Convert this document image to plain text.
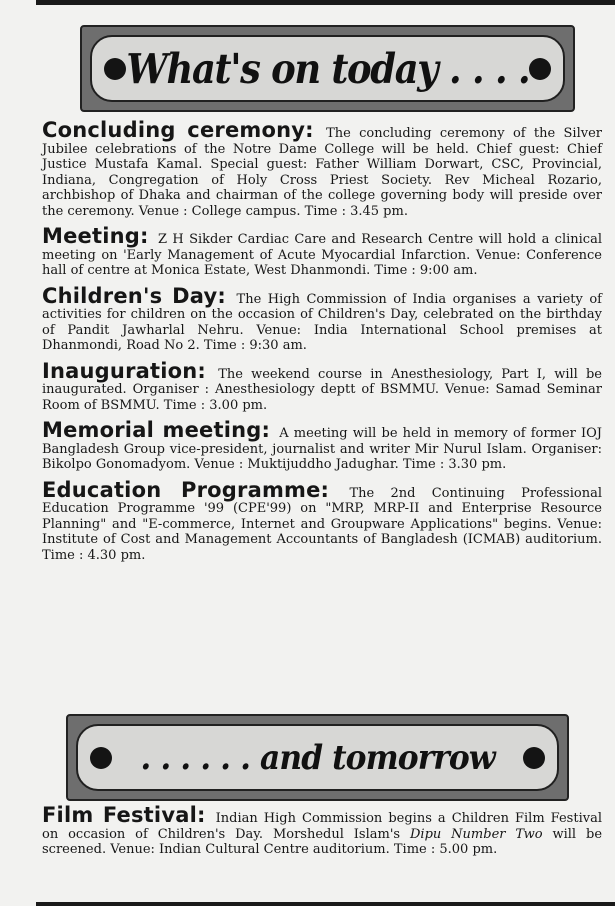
What's on today . . . .

Concluding ceremony: The concluding ceremony of the Silver Jubilee celebrations of the Notre Dame College will be held. Chief guest: Chief Justice Mustafa Kamal. Special guest: Father William Dorwart, CSC, Provincial, Indiana, Congregation of Holy Cross Priest Society. Rev Micheal Rozario, archbishop of Dhaka and chairman of the college governing body will preside over the ceremony. Venue : College campus. Time : 3.45 pm.

Meeting: Z H Sikder Cardiac Care and Research Centre will hold a clinical meeting on 'Early Management of Acute Myocardial Infarction. Venue: Conference hall of centre at Monica Estate, West Dhanmondi. Time : 9:00 am.

Children's Day: The High Commission of India organises a variety of activities for children on the occasion of Children's Day, celebrated on the birthday of Pandit Jawharlal Nehru. Venue: India International School premises at Dhanmondi, Road No 2. Time : 9:30 am.

Inauguration: The weekend course in Anesthesiology, Part I, will be inaugurated. Organiser : Anesthesiology deptt of BSMMU. Venue: Samad Seminar Room of BSMMU. Time : 3.00 pm.

Memorial meeting: A meeting will be held in memory of former IOJ Bangladesh Group vice-president, journalist and writer Mir Nurul Islam. Organiser: Bikolpo Gonomadyom. Venue : Muktijuddho Jadughar. Time : 3.30 pm.

Education Programme: The 2nd Continuing Professional Education Programme '99 (CPE'99) on "MRP, MRP-II and Enterprise Resource Planning" and "E-commerce, Internet and Groupware Applications" begins. Venue: Institute of Cost and Management Accountants of Bangladesh (ICMAB) auditorium. Time : 4.30 pm.

. . . . . . and tomorrow

Film Festival: Indian High Commission begins a Children Film Festival on occasion of Children's Day. Morshedul Islam's Dipu Number Two will be screened. Venue: Indian Cultural Centre auditorium. Time : 5.00 pm.
